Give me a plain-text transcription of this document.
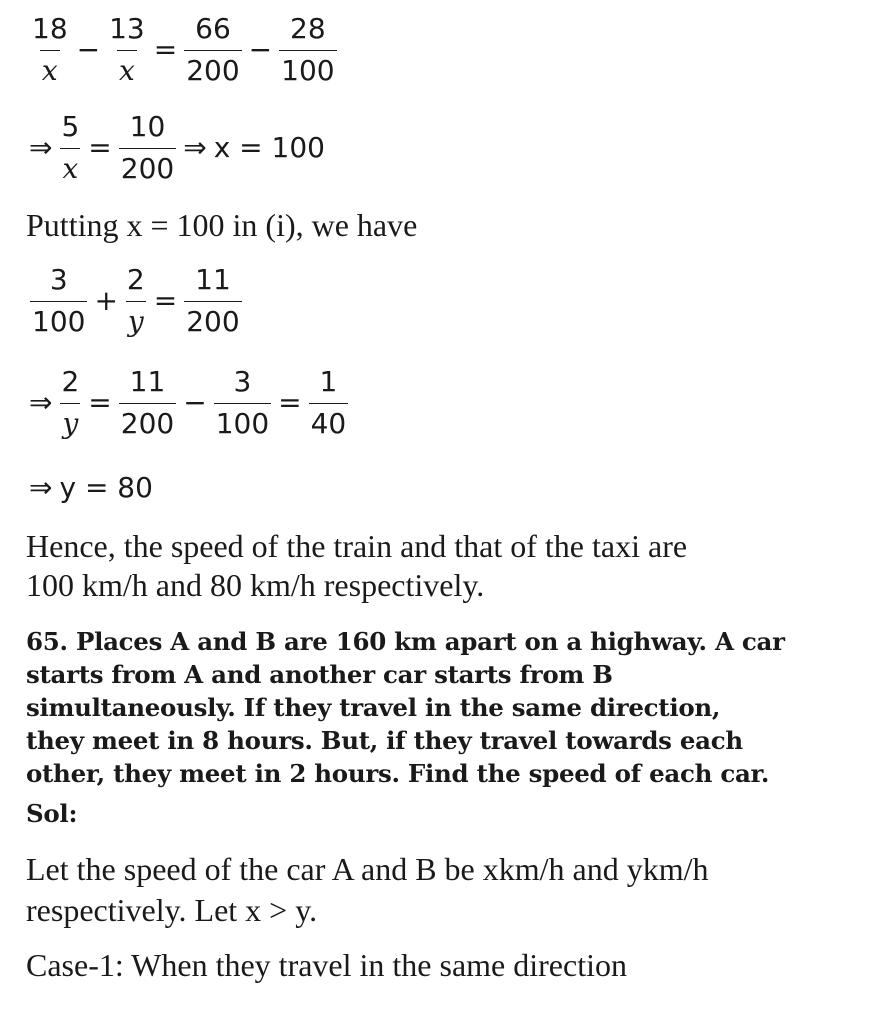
$\frac{18}{x} - \frac{13}{x} = \frac{66}{200} - \frac{28}{100}$
⇒ $\frac{5}{x} = \frac{10}{200}$ ⇒ x = 100
Putting x = 100 in (i), we have
$\frac{3}{100} + \frac{2}{y} = \frac{11}{200}$
⇒ $\frac{2}{y} = \frac{11}{200} - \frac{3}{100} = \frac{1}{40}$
⇒ y = 80
Hence, the speed of the train and that of the taxi are
100 km/h and 80 km/h respectively.
65. Places A and B are 160 km apart on a highway. A car
starts from A and another car starts from B
simultaneously. If they travel in the same direction,
they meet in 8 hours. But, if they travel towards each
other, they meet in 2 hours. Find the speed of each car.
Sol:
Let the speed of the car A and B be xkm/h and ykm/h
respectively. Let x > y.
Case-1: When they travel in the same direction
